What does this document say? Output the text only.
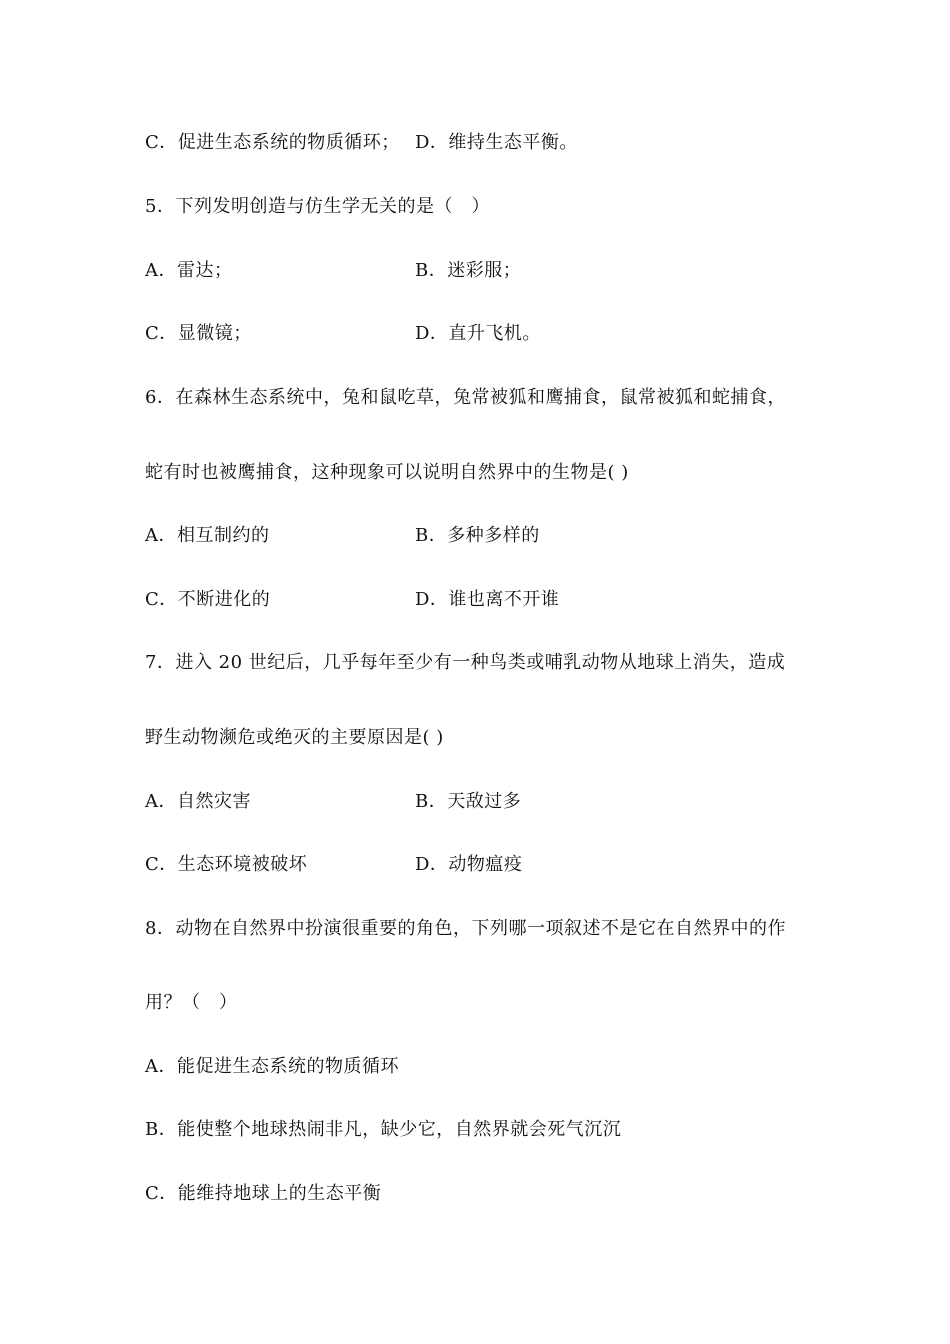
C．促进生态系统的物质循环； D．维持生态平衡。
5．下列发明创造与仿生学无关的是（　）
A．雷达；	B．迷彩服；
C．显微镜；	D．直升飞机。
6．在森林生态系统中，兔和鼠吃草，兔常被狐和鹰捕食，鼠常被狐和蛇捕食，
蛇有时也被鹰捕食，这种现象可以说明自然界中的生物是( )
A．相互制约的	B．多种多样的
C．不断进化的	D．谁也离不开谁
7．进入 20 世纪后，几乎每年至少有一种鸟类或哺乳动物从地球上消失，造成
野生动物濒危或绝灭的主要原因是( )
A．自然灾害	B．天敌过多
C．生态环境被破坏	D．动物瘟疫
8．动物在自然界中扮演很重要的角色，下列哪一项叙述不是它在自然界中的作
用？（　）
A．能促进生态系统的物质循环
B．能使整个地球热闹非凡，缺少它，自然界就会死气沉沉
C．能维持地球上的生态平衡
